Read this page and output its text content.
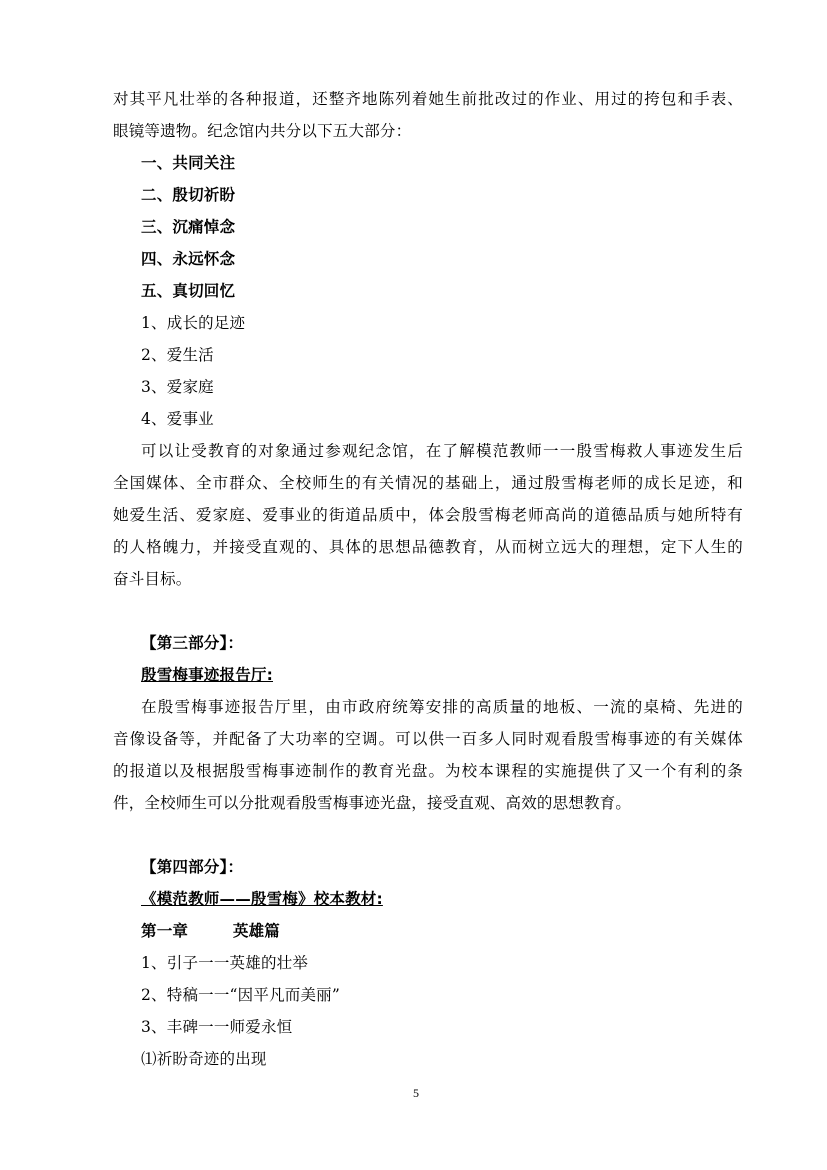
对其平凡壮举的各种报道，还整齐地陈列着她生前批改过的作业、用过的挎包和手表、
眼镜等遗物。纪念馆内共分以下五大部分：
一、共同关注
二、殷切祈盼
三、沉痛悼念
四、永远怀念
五、真切回忆
1、成长的足迹
2、爱生活
3、爱家庭
4、爱事业
可以让受教育的对象通过参观纪念馆，在了解模范教师一一殷雪梅救人事迹发生后
全国媒体、全市群众、全校师生的有关情况的基础上，通过殷雪梅老师的成长足迹，和
她爱生活、爱家庭、爱事业的街道品质中，体会殷雪梅老师高尚的道德品质与她所特有
的人格魄力，并接受直观的、具体的思想品德教育，从而树立远大的理想，定下人生的
奋斗目标。
【第三部分】：
殷雪梅事迹报告厅:
在殷雪梅事迹报告厅里，由市政府统筹安排的高质量的地板、一流的桌椅、先进的
音像设备等，并配备了大功率的空调。可以供一百多人同时观看殷雪梅事迹的有关媒体
的报道以及根据殷雪梅事迹制作的教育光盘。为校本课程的实施提供了又一个有利的条
件，全校师生可以分批观看殷雪梅事迹光盘，接受直观、高效的思想教育。
【第四部分】：
《模范教师——殷雪梅》校本教材:
第一章        英雄篇
1、引子一一英雄的壮举
2、特稿一一“因平凡而美丽”
3、丰碑一一师爱永恒
⑴祈盼奇迹的出现
5
